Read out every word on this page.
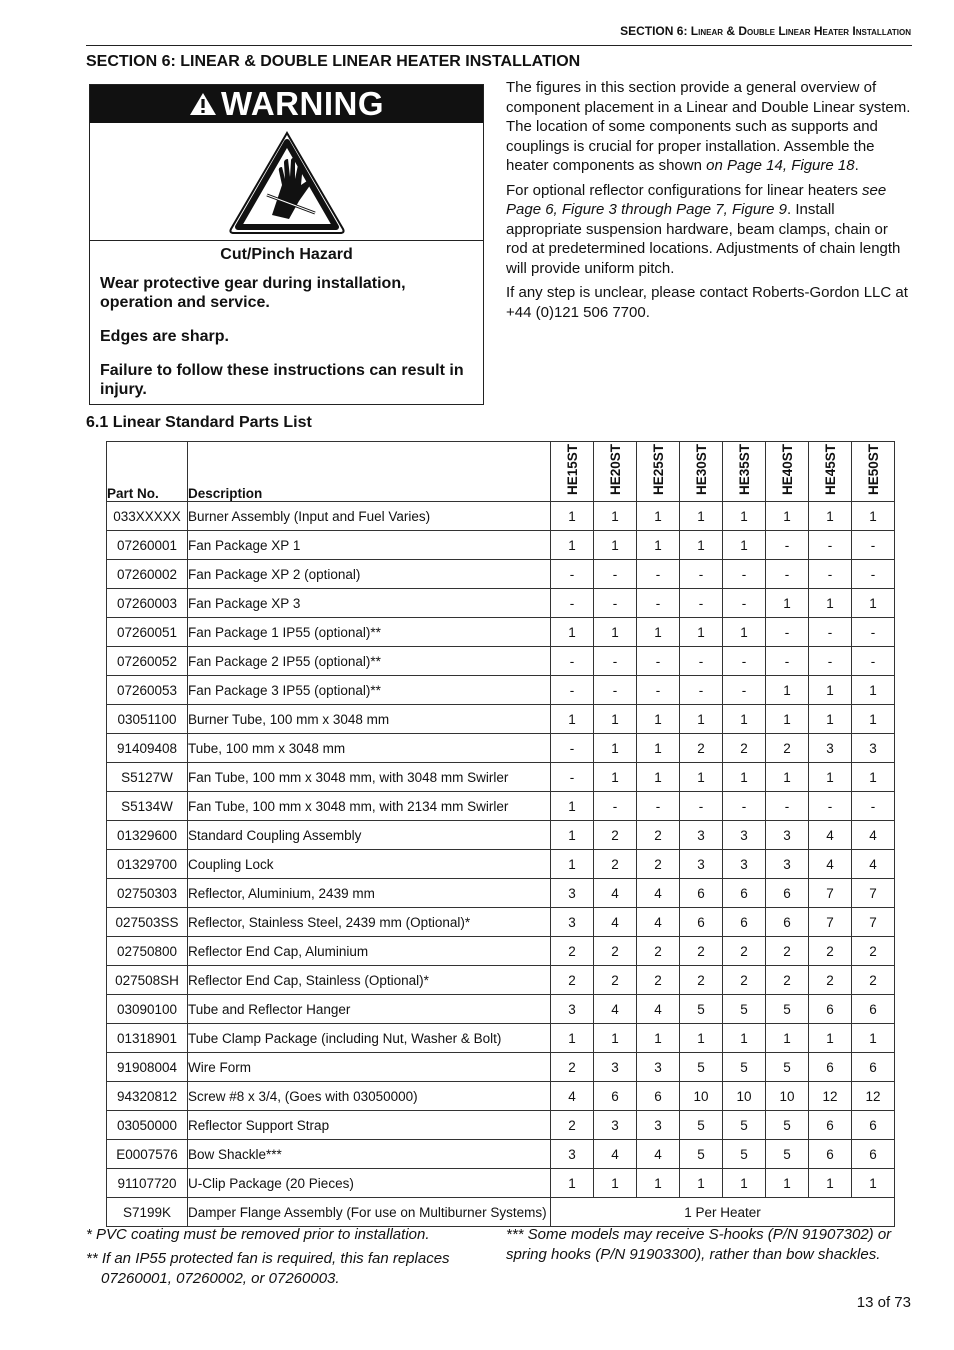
SECTION 6: Linear & Double Linear Heater Installation
SECTION 6: LINEAR & DOUBLE LINEAR HEATER INSTALLATION
WARNING
Cut/Pinch Hazard

Wear protective gear during installation, operation and service.

Edges are sharp.

Failure to follow these instructions can result in injury.

The figures in this section provide a general overview of component placement in a Linear and Double Linear system. The location of some components such as supports and couplings is crucial for proper installation. Assemble the heater components as shown on Page 14, Figure 18.

For optional reflector configurations for linear heaters see Page 6, Figure 3 through Page 7, Figure 9. Install appropriate suspension hardware, beam clamps, chain or rod at predetermined locations. Adjustments of chain length will provide uniform pitch.

If any step is unclear, please contact Roberts-Gordon LLC at +44 (0)121 506 7700.

6.1 Linear Standard Parts List
Part No.	Description	HE15ST	HE20ST	HE25ST	HE30ST	HE35ST	HE40ST	HE45ST	HE50ST
033XXXXX	Burner Assembly (Input and Fuel Varies)	1	1	1	1	1	1	1	1
07260001	Fan Package XP 1	1	1	1	1	1	-	-	-
07260002	Fan Package XP 2 (optional)	-	-	-	-	-	-	-	-
07260003	Fan Package XP 3	-	-	-	-	-	1	1	1
07260051	Fan Package 1 IP55 (optional)**	1	1	1	1	1	-	-	-
07260052	Fan Package 2 IP55 (optional)**	-	-	-	-	-	-	-	-
07260053	Fan Package 3 IP55 (optional)**	-	-	-	-	-	1	1	1
03051100	Burner Tube, 100 mm x 3048 mm	1	1	1	1	1	1	1	1
91409408	Tube, 100 mm x 3048 mm	-	1	1	2	2	2	3	3
S5127W	Fan Tube, 100 mm x 3048 mm, with 3048 mm Swirler	-	1	1	1	1	1	1	1
S5134W	Fan Tube, 100 mm x 3048 mm, with 2134 mm Swirler	1	-	-	-	-	-	-	-
01329600	Standard Coupling Assembly	1	2	2	3	3	3	4	4
01329700	Coupling Lock	1	2	2	3	3	3	4	4
02750303	Reflector, Aluminium, 2439 mm	3	4	4	6	6	6	7	7
027503SS	Reflector, Stainless Steel, 2439 mm (Optional)*	3	4	4	6	6	6	7	7
02750800	Reflector End Cap, Aluminium	2	2	2	2	2	2	2	2
027508SH	Reflector End Cap, Stainless (Optional)*	2	2	2	2	2	2	2	2
03090100	Tube and Reflector Hanger	3	4	4	5	5	5	6	6
01318901	Tube Clamp Package (including Nut, Washer & Bolt)	1	1	1	1	1	1	1	1
91908004	Wire Form	2	3	3	5	5	5	6	6
94320812	Screw #8 x 3/4, (Goes with 03050000)	4	6	6	10	10	10	12	12
03050000	Reflector Support Strap	2	3	3	5	5	5	6	6
E0007576	Bow Shackle***	3	4	4	5	5	5	6	6
91107720	U-Clip Package (20 Pieces)	1	1	1	1	1	1	1	1
S7199K	Damper Flange Assembly (For use on Multiburner Systems)	1 Per Heater							

* PVC coating must be removed prior to installation.

** If an IP55 protected fan is required, this fan replaces 07260001, 07260002, or 07260003.

*** Some models may receive S-hooks (P/N 91907302) or spring hooks (P/N 91903300), rather than bow shackles.

13 of 73
